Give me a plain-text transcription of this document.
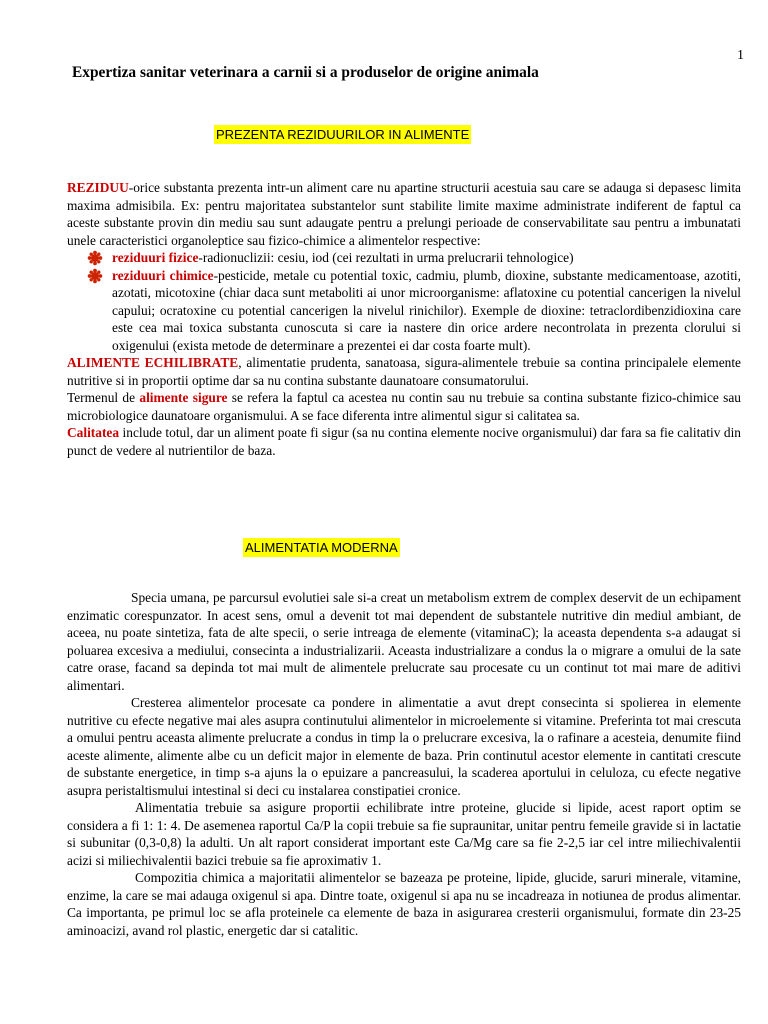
1
Expertiza sanitar veterinara a carnii si a produselor de origine animala
PREZENTA REZIDUURILOR IN ALIMENTE

REZIDUU-orice substanta prezenta intr-un aliment care nu apartine structurii acestuia sau care se adauga si depasesc limita maxima admisibila. Ex: pentru majoritatea substantelor sunt stabilite limite maxime administrate indiferent de faptul ca aceste substante provin din mediu sau sunt adaugate pentru a prelungi perioade de conservabilitate sau pentru a imbunatati unele caracteristici organoleptice sau fizico-chimice a alimentelor respective:

reziduuri fizice-radionuclizii: cesiu, iod (cei rezultati in urma prelucrarii tehnologice)

reziduuri chimice-pesticide, metale cu potential toxic, cadmiu, plumb, dioxine, substante medicamentoase, azotiti, azotati, micotoxine (chiar daca sunt metaboliti ai unor microorganisme: aflatoxine cu potential cancerigen la nivelul capului; ocratoxine cu potential cancerigen la nivelul rinichilor). Exemple de dioxine: tetraclordibenzidioxina care este cea mai toxica substanta cunoscuta si care ia nastere din orice ardere necontrolata in prezenta clorului si oxigenului (exista metode de determinare a prezentei ei dar costa foarte mult).

ALIMENTE ECHILIBRATE, alimentatie prudenta, sanatoasa, sigura-alimentele trebuie sa contina principalele elemente nutritive si in proportii optime dar sa nu contina substante daunatoare consumatorului.

Termenul de alimente sigure se refera la faptul ca acestea nu contin sau nu trebuie sa contina substante fizico-chimice sau microbiologice daunatoare organismului. A se face diferenta intre alimentul sigur si calitatea sa.

Calitatea include totul, dar un aliment poate fi sigur (sa nu contina elemente nocive organismului) dar fara sa fie calitativ din punct de vedere al nutrientilor de baza.

ALIMENTATIA MODERNA

Specia umana, pe parcursul evolutiei sale si-a creat un metabolism extrem de complex deservit de un echipament enzimatic corespunzator. In acest sens, omul a devenit tot mai dependent de substantele nutritive din mediul ambiant, de aceea, nu poate sintetiza, fata de alte specii, o serie intreaga de elemente (vitaminaC); la aceasta dependenta s-a adaugat si poluarea excesiva a mediului, consecinta a industrializarii. Aceasta industrializare a condus la o migrare a omului de la sate catre orase, facand sa depinda tot mai mult de alimentele prelucrate sau procesate cu un continut tot mai mare de aditivi alimentari.

Cresterea alimentelor procesate ca pondere in alimentatie a avut drept consecinta si spolierea in elemente nutritive cu efecte negative mai ales asupra continutului alimentelor in microelemente si vitamine. Preferinta tot mai crescuta a omului pentru aceasta alimente prelucrate a condus in timp la o prelucrare excesiva, la o rafinare a acesteia, denumite fiind aceste alimente, alimente albe cu un deficit major in elemente de baza. Prin continutul acestor elemente in cantitati crescute de substante energetice, in timp s-a ajuns la o epuizare a pancreasului, la scaderea aportului in celuloza, cu efecte negative asupra peristaltismului intestinal si deci cu instalarea constipatiei cronice.

Alimentatia trebuie sa asigure proportii echilibrate intre proteine, glucide si lipide, acest raport optim se considera a fi 1: 1: 4. De asemenea raportul Ca/P la copii trebuie sa fie supraunitar, unitar pentru femeile gravide si in lactatie si subunitar (0,3-0,8) la adulti. Un alt raport considerat important este Ca/Mg care sa fie 2-2,5 iar cel intre miliechivalentii acizi si miliechivalentii bazici trebuie sa fie aproximativ 1.

Compozitia chimica a majoritatii alimentelor se bazeaza pe proteine, lipide, glucide, saruri minerale, vitamine, enzime, la care se mai adauga oxigenul si apa. Dintre toate, oxigenul si apa nu se incadreaza in notiunea de produs alimentar. Ca importanta, pe primul loc se afla proteinele ca elemente de baza in asigurarea cresterii organismului, formate din 23-25 aminoacizi, avand rol plastic, energetic dar si catalitic.
